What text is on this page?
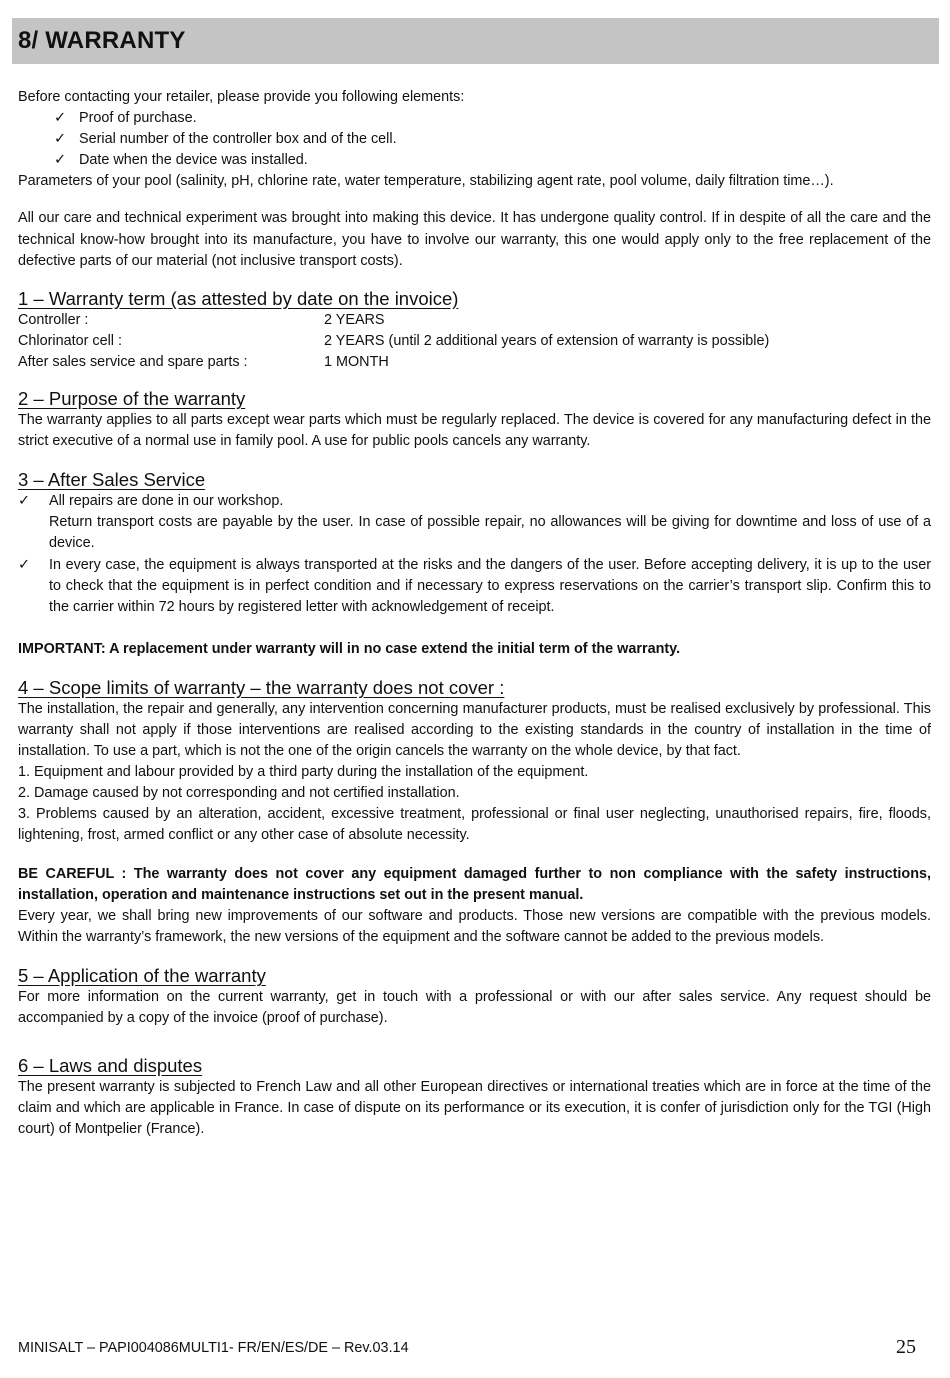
8/ WARRANTY

Before contacting your retailer, please provide you following elements:

✓ Proof of purchase.
✓ Serial number of the controller box and of the cell.
✓ Date when the device was installed.

Parameters of your pool (salinity, pH, chlorine rate, water temperature, stabilizing agent rate, pool volume, daily filtration time…).

All our care and technical experiment was brought into making this device. It has undergone quality control. If in despite of all the care and the technical know-how brought into its manufacture, you have to involve our warranty, this one would apply only to the free replacement of the defective parts of our material (not inclusive transport costs).

1 – Warranty term (as attested by date on the invoice)
Controller :	2 YEARS
Chlorinator cell :	2 YEARS (until 2 additional years of extension of warranty is possible)
After sales service and spare parts :	1 MONTH
2 – Purpose of the warranty

The warranty applies to all parts except wear parts which must be regularly replaced. The device is covered for any manufacturing defect in the strict executive of a normal use in family pool. A use for public pools cancels any warranty.

3 – After Sales Service
✓ All repairs are done in our workshop.
Return transport costs are payable by the user. In case of possible repair, no allowances will be giving for downtime and loss of use of a device.
✓ In every case, the equipment is always transported at the risks and the dangers of the user. Before accepting delivery, it is up to the user to check that the equipment is in perfect condition and if necessary to express reservations on the carrier’s transport slip. Confirm this to the carrier within 72 hours by registered letter with acknowledgement of receipt.

IMPORTANT: A replacement under warranty will in no case extend the initial term of the warranty.

4 – Scope limits of warranty – the warranty does not cover :

The installation, the repair and generally, any intervention concerning manufacturer products, must be realised exclusively by professional. This warranty shall not apply if those interventions are realised according to the existing standards in the country of installation in the time of installation. To use a part, which is not the one of the origin cancels the warranty on the whole device, by that fact.

1. Equipment and labour provided by a third party during the installation of the equipment.

2. Damage caused by not corresponding and not certified installation.

3. Problems caused by an alteration, accident, excessive treatment, professional or final user neglecting, unauthorised repairs, fire, floods, lightening, frost, armed conflict or any other case of absolute necessity.

BE CAREFUL : The warranty does not cover any equipment damaged further to non compliance with the safety instructions, installation, operation and maintenance instructions set out in the present manual.

Every year, we shall bring new improvements of our software and products. Those new versions are compatible with the previous models. Within the warranty’s framework, the new versions of the equipment and the software cannot be added to the previous models.

5 – Application of the warranty

For more information on the current warranty, get in touch with a professional or with our after sales service. Any request should be accompanied by a copy of the invoice (proof of purchase).

6 – Laws and disputes

The present warranty is subjected to French Law and all other European directives or international treaties which are in force at the time of the claim and which are applicable in France. In case of dispute on its performance or its execution, it is confer of jurisdiction only for the TGI (High court) of Montpelier (France).

MINISALT – PAPI004086MULTI1- FR/EN/ES/DE – Rev.03.14	25
